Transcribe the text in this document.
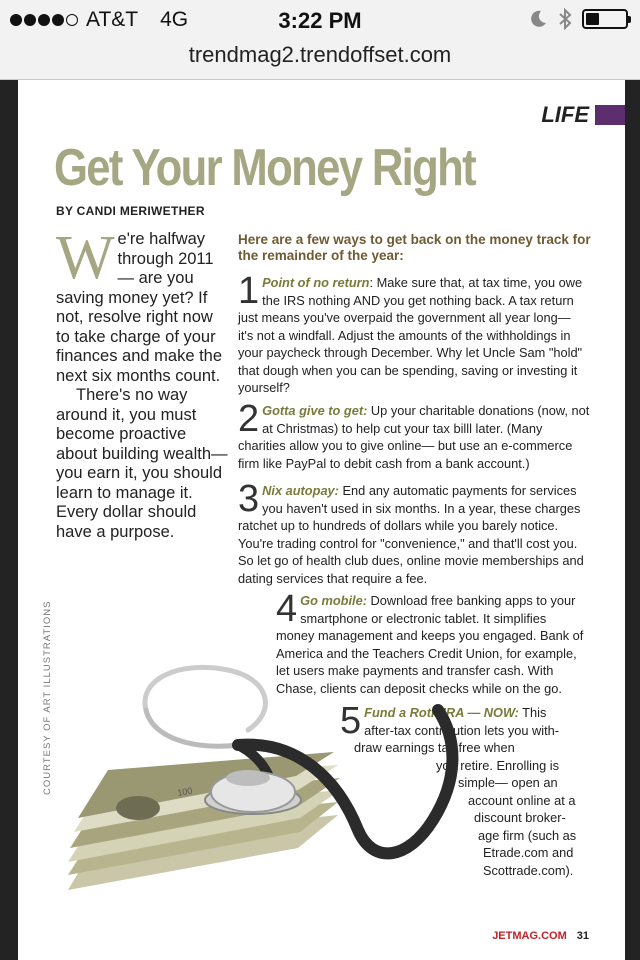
AT&T 4G	3:22 PM
trendmag2.trendoffset.com
LIFE
Get Your Money Right
BY CANDI MERIWETHER

We're halfway through 2011— are you saving money yet? If not, resolve right now to take charge of your finances and make the next six months count.

There's no way around it, you must become proactive about building wealth— you earn it, you should learn to manage it. Every dollar should have a purpose.

Here are a few ways to get back on the money track for the remainder of the year:
1 Point of no return: Make sure that, at tax time, you owe the IRS nothing AND you get nothing back. A tax return just means you've overpaid the government all year long— it's not a windfall. Adjust the amounts of the withholdings in your paycheck through December. Why let Uncle Sam "hold" that dough when you can be spending, saving or investing it yourself?
2 Gotta give to get: Up your charitable donations (now, not at Christmas) to help cut your tax billl later. (Many charities allow you to give online— but use an e-commerce firm like PayPal to debit cash from a bank account.)
3 Nix autopay: End any automatic payments for services you haven't used in six months. In a year, these charges ratchet up to hundreds of dollars while you barely notice. You're trading control for "convenience," and that'll cost you. So let go of health club dues, online movie memberships and dating services that require a fee.
4 Go mobile: Download free banking apps to your smartphone or electronic tablet. It simplifies money management and keeps you engaged. Bank of America and the Teachers Credit Union, for example, let users make payments and transfer cash. With Chase, clients can deposit checks while on the go.
5 Fund a Roth IRA — NOW: This
after-tax contribution lets you with-
draw earnings tax free when
you retire. Enrolling is
simple— open an
account online at a
discount broker-
age firm (such as
Etrade.com and
Scottrade.com).
COURTESY OF ART ILLUSTRATIONS	100
JETMAG.COM 31
